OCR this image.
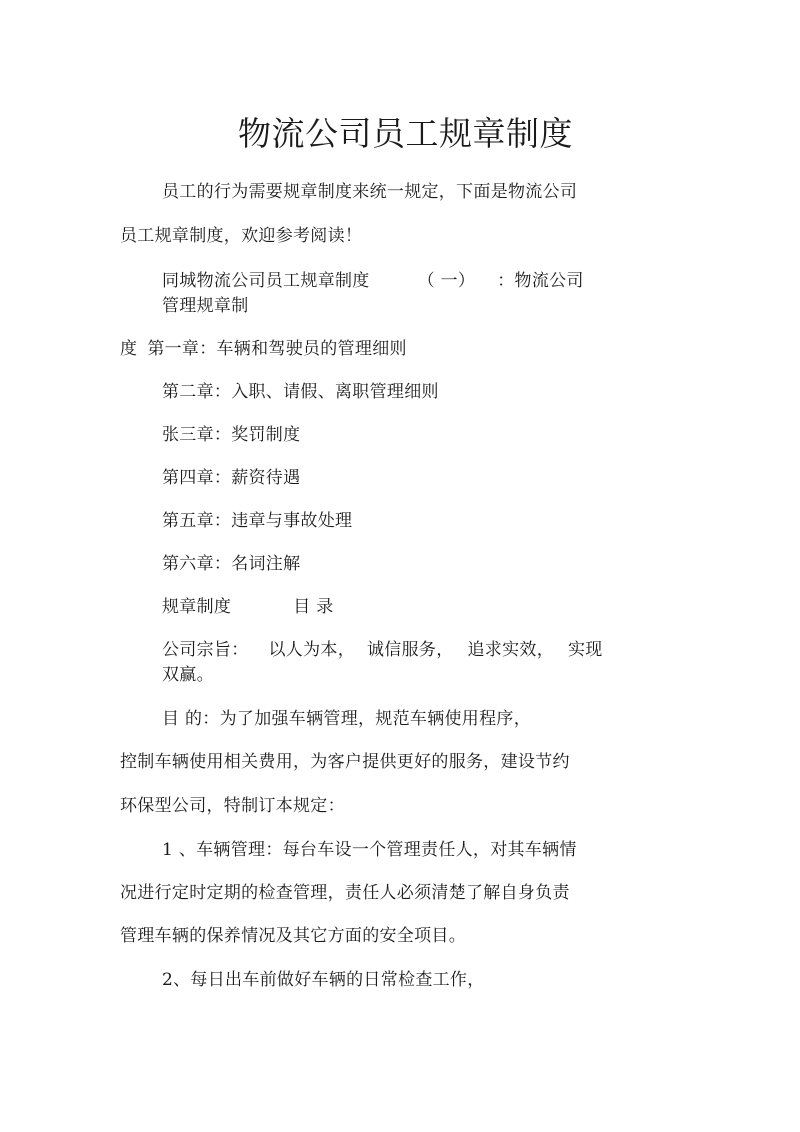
物流公司员工规章制度
员工的行为需要规章制度来统一规定，下面是物流公司
员工规章制度，欢迎参考阅读！
同城物流公司员工规章制度	（ 一） ：物流公司
管理规章制
度 第一章：车辆和驾驶员的管理细则
第二章：入职、请假、离职管理细则
张三章：奖罚制度
第四章：薪资待遇
第五章：违章与事故处理
第六章：名词注解
规章制度	目 录
公司宗旨： 以人为本， 诚信服务， 追求实效， 实现
双赢。
目 的：为了加强车辆管理，规范车辆使用程序，
控制车辆使用相关费用，为客户提供更好的服务，建设节约
环保型公司，特制订本规定：
1 、车辆管理：每台车设一个管理责任人，对其车辆情
况进行定时定期的检查管理，责任人必须清楚了解自身负责
管理车辆的保养情况及其它方面的安全项目。
2、每日出车前做好车辆的日常检查工作，
